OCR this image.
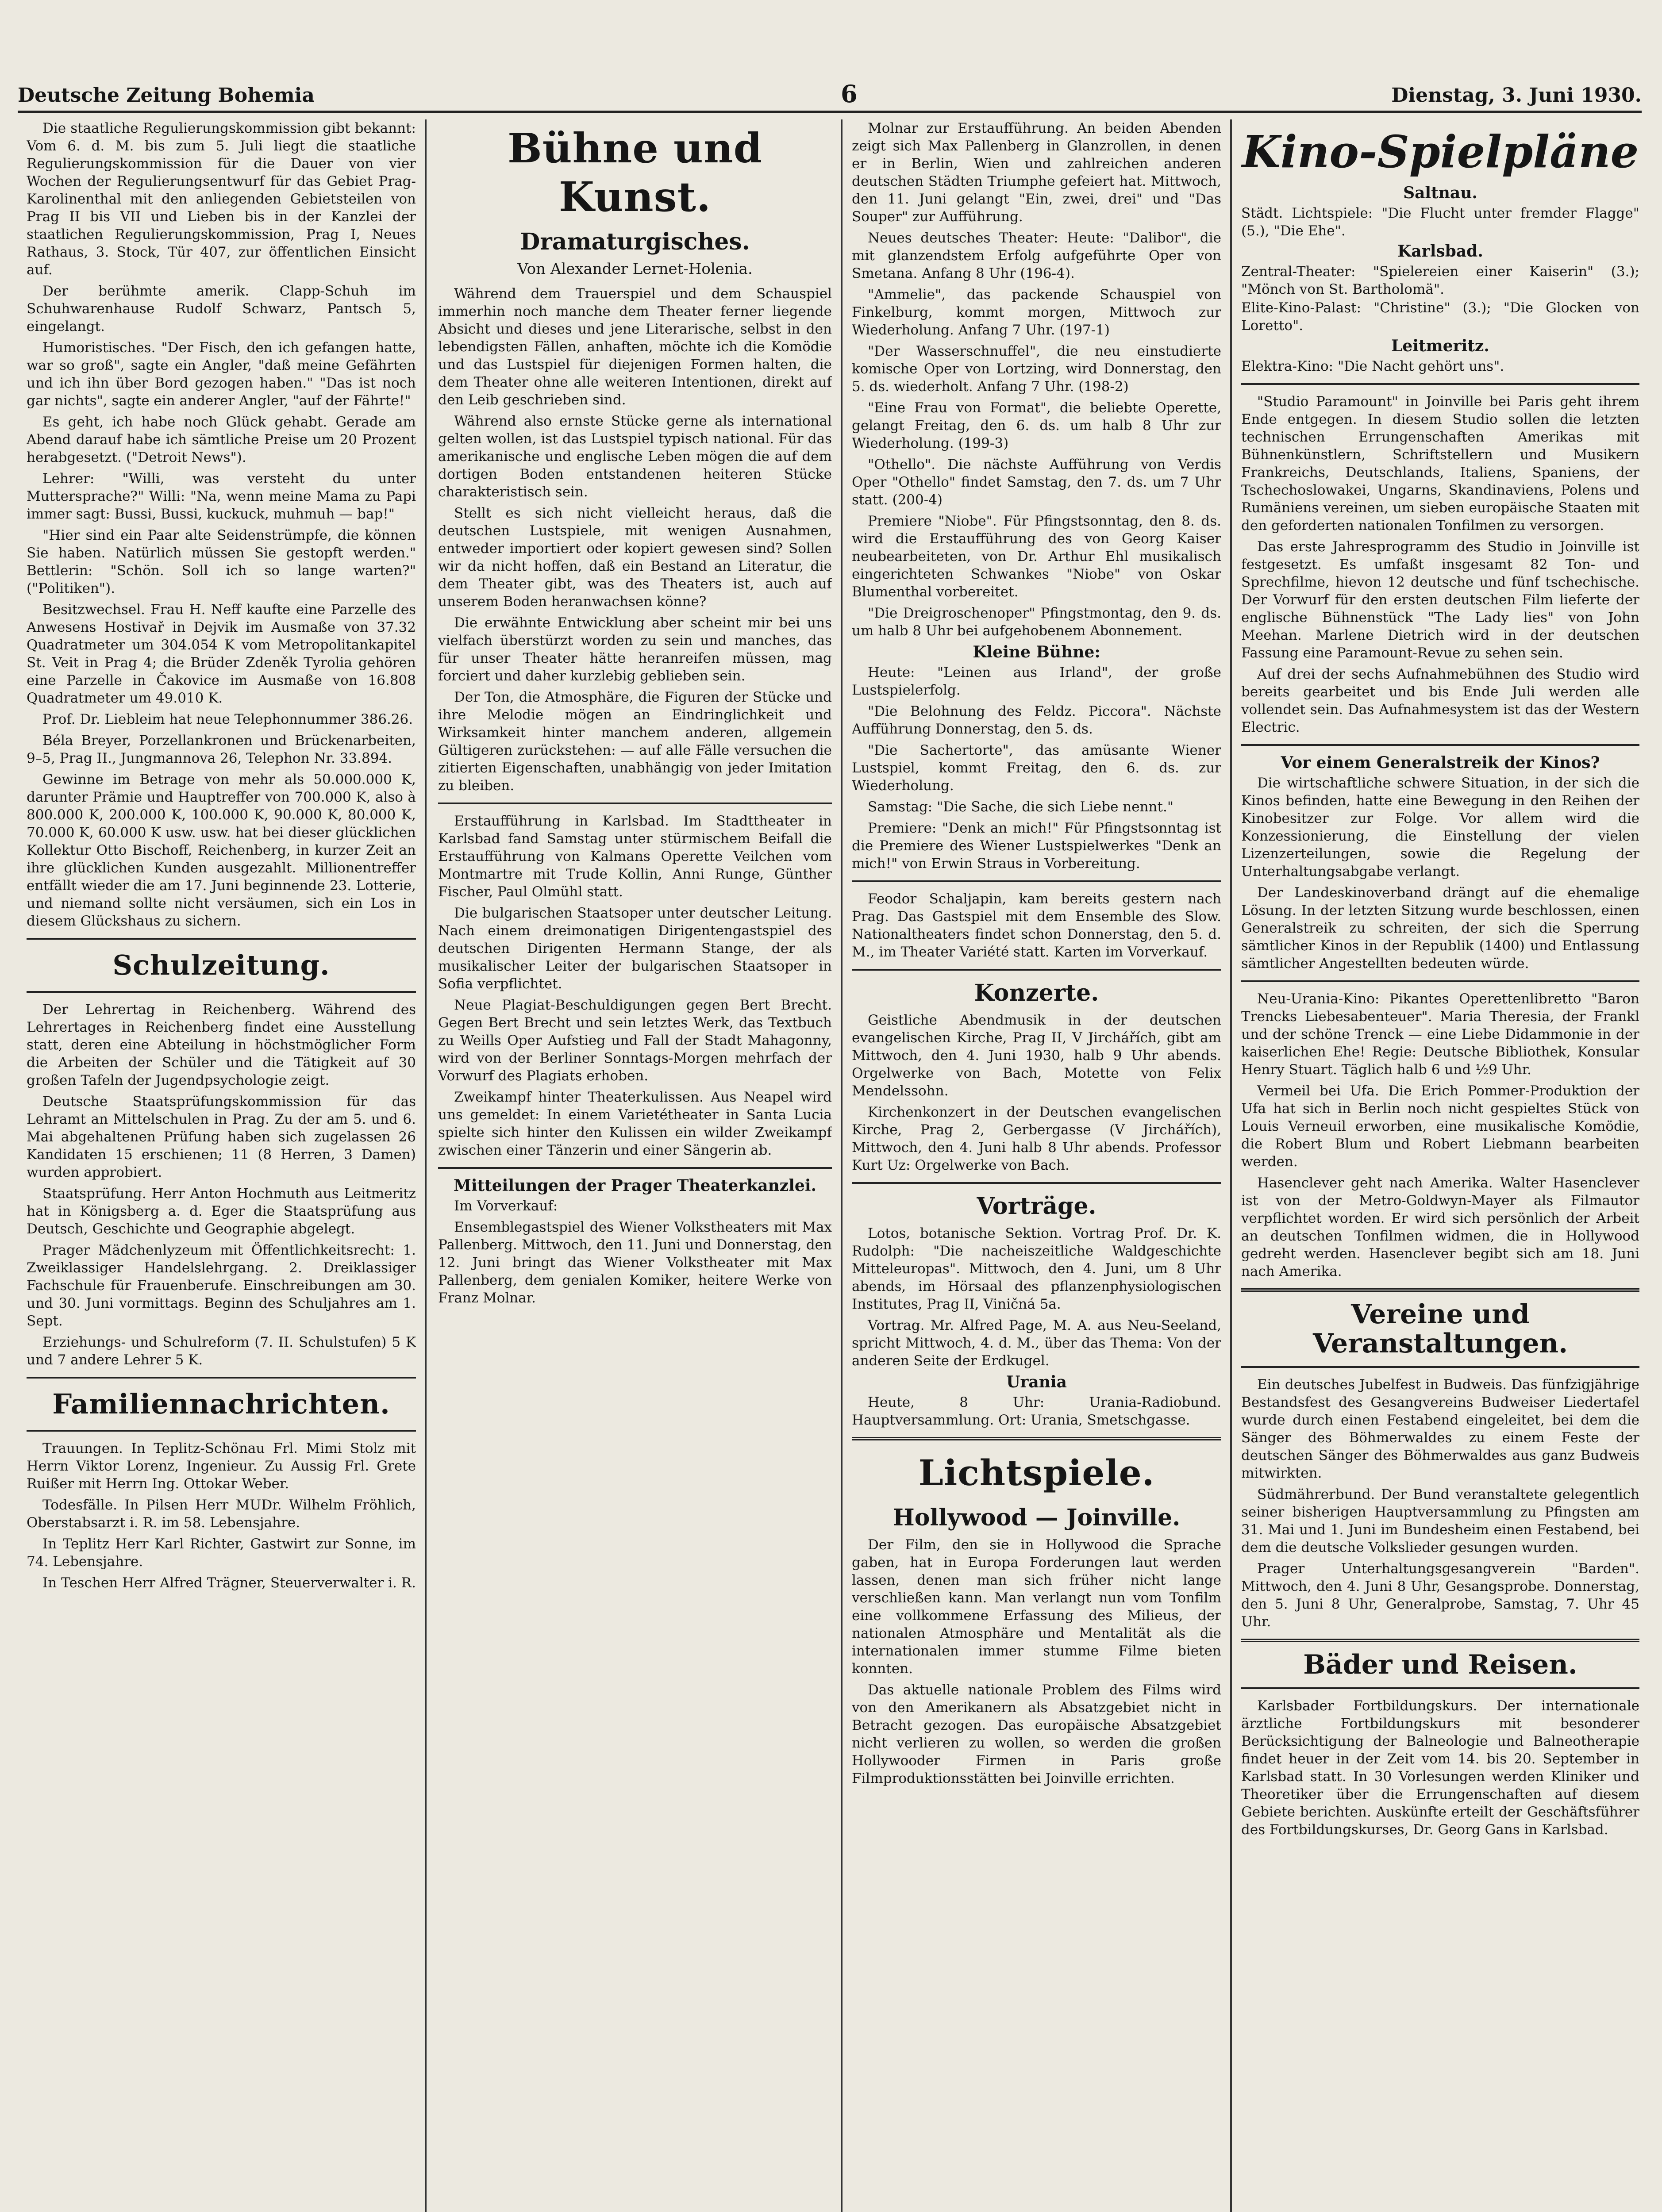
Deutsche Zeitung Bohemia	6	Dienstag, 3. Juni 1930.

Die staatliche Regulierungskommission gibt bekannt: Vom 6. d. M. bis zum 5. Juli liegt die staatliche Regulierungskommission für die Dauer von vier Wochen der Regulierungsentwurf für das Gebiet Prag-Karolinenthal mit den anliegenden Gebietsteilen von Prag II bis VII und Lieben bis in der Kanzlei der staatlichen Regulierungskommission, Prag I, Neues Rathaus, 3. Stock, Tür 407, zur öffentlichen Einsicht auf.

Der berühmte amerik. Clapp-Schuh im Schuhwarenhause Rudolf Schwarz, Pantsch 5, eingelangt.

Humoristisches. "Der Fisch, den ich gefangen hatte, war so groß", sagte ein Angler, "daß meine Gefährten und ich ihn über Bord gezogen haben." "Das ist noch gar nichts", sagte ein anderer Angler, "auf der Fährte!"

Es geht, ich habe noch Glück gehabt. Gerade am Abend darauf habe ich sämtliche Preise um 20 Prozent herabgesetzt. ("Detroit News").

Lehrer: "Willi, was versteht du unter Muttersprache?" Willi: "Na, wenn meine Mama zu Papi immer sagt: Bussi, Bussi, kuckuck, muhmuh — bap!"

"Hier sind ein Paar alte Seidenstrümpfe, die können Sie haben. Natürlich müssen Sie gestopft werden." Bettlerin: "Schön. Soll ich so lange warten?" ("Politiken").

Besitzwechsel. Frau H. Neff kaufte eine Parzelle des Anwesens Hostivař in Dejvik im Ausmaße von 37.32 Quadratmeter um 304.054 K vom Metropolitankapitel St. Veit in Prag 4; die Brüder Zdeněk Tyrolia gehören eine Parzelle in Čakovice im Ausmaße von 16.808 Quadratmeter um 49.010 K.

Prof. Dr. Liebleim hat neue Telephonnummer 386.26.

Béla Breyer, Porzellankronen und Brückenarbeiten, 9–5, Prag II., Jungmannova 26, Telephon Nr. 33.894.

Gewinne im Betrage von mehr als 50.000.000 K, darunter Prämie und Hauptreffer von 700.000 K, also à 800.000 K, 200.000 K, 100.000 K, 90.000 K, 80.000 K, 70.000 K, 60.000 K usw. usw. hat bei dieser glücklichen Kollektur Otto Bischoff, Reichenberg, in kurzer Zeit an ihre glücklichen Kunden ausgezahlt. Millionentreffer entfällt wieder die am 17. Juni beginnende 23. Lotterie, und niemand sollte nicht versäumen, sich ein Los in diesem Glückshaus zu sichern.

Schulzeitung.

Der Lehrertag in Reichenberg. Während des Lehrertages in Reichenberg findet eine Ausstellung statt, deren eine Abteilung in höchstmöglicher Form die Arbeiten der Schüler und die Tätigkeit auf 30 großen Tafeln der Jugendpsychologie zeigt.

Deutsche Staatsprüfungskommission für das Lehramt an Mittelschulen in Prag. Zu der am 5. und 6. Mai abgehaltenen Prüfung haben sich zugelassen 26 Kandidaten 15 erschienen; 11 (8 Herren, 3 Damen) wurden approbiert.

Staatsprüfung. Herr Anton Hochmuth aus Leitmeritz hat in Königsberg a. d. Eger die Staatsprüfung aus Deutsch, Geschichte und Geographie abgelegt.

Prager Mädchenlyzeum mit Öffentlichkeitsrecht: 1. Zweiklassiger Handelslehrgang. 2. Dreiklassiger Fachschule für Frauenberufe. Einschreibungen am 30. und 30. Juni vormittags. Beginn des Schuljahres am 1. Sept.

Erziehungs- und Schulreform (7. II. Schulstufen) 5 K und 7 andere Lehrer 5 K.

Familiennachrichten.

Trauungen. In Teplitz-Schönau Frl. Mimi Stolz mit Herrn Viktor Lorenz, Ingenieur. Zu Aussig Frl. Grete Ruißer mit Herrn Ing. Ottokar Weber.

Todesfälle. In Pilsen Herr MUDr. Wilhelm Fröhlich, Oberstabsarzt i. R. im 58. Lebensjahre.

In Teplitz Herr Karl Richter, Gastwirt zur Sonne, im 74. Lebensjahre.

In Teschen Herr Alfred Trägner, Steuerverwalter i. R.

Bühne und Kunst.
Dramaturgisches.
Von Alexander Lernet-Holenia.

Während dem Trauerspiel und dem Schauspiel immerhin noch manche dem Theater ferner liegende Absicht und dieses und jene Literarische, selbst in den lebendigsten Fällen, anhaften, möchte ich die Komödie und das Lustspiel für diejenigen Formen halten, die dem Theater ohne alle weiteren Intentionen, direkt auf den Leib geschrieben sind.

Während also ernste Stücke gerne als international gelten wollen, ist das Lustspiel typisch national. Für das amerikanische und englische Leben mögen die auf dem dortigen Boden entstandenen heiteren Stücke charakteristisch sein.

Stellt es sich nicht vielleicht heraus, daß die deutschen Lustspiele, mit wenigen Ausnahmen, entweder importiert oder kopiert gewesen sind? Sollen wir da nicht hoffen, daß ein Bestand an Literatur, die dem Theater gibt, was des Theaters ist, auch auf unserem Boden heranwachsen könne?

Die erwähnte Entwicklung aber scheint mir bei uns vielfach überstürzt worden zu sein und manches, das für unser Theater hätte heranreifen müssen, mag forciert und daher kurzlebig geblieben sein.

Der Ton, die Atmosphäre, die Figuren der Stücke und ihre Melodie mögen an Eindringlichkeit und Wirksamkeit hinter manchem anderen, allgemein Gültigeren zurückstehen: — auf alle Fälle versuchen die zitierten Eigenschaften, unabhängig von jeder Imitation zu bleiben.

Erstaufführung in Karlsbad. Im Stadttheater in Karlsbad fand Samstag unter stürmischem Beifall die Erstaufführung von Kalmans Operette Veilchen vom Montmartre mit Trude Kollin, Anni Runge, Günther Fischer, Paul Olmühl statt.

Die bulgarischen Staatsoper unter deutscher Leitung. Nach einem dreimonatigen Dirigentengastspiel des deutschen Dirigenten Hermann Stange, der als musikalischer Leiter der bulgarischen Staatsoper in Sofia verpflichtet.

Neue Plagiat-Beschuldigungen gegen Bert Brecht. Gegen Bert Brecht und sein letztes Werk, das Textbuch zu Weills Oper Aufstieg und Fall der Stadt Mahagonny, wird von der Berliner Sonntags-Morgen mehrfach der Vorwurf des Plagiats erhoben.

Zweikampf hinter Theaterkulissen. Aus Neapel wird uns gemeldet: In einem Varietétheater in Santa Lucia spielte sich hinter den Kulissen ein wilder Zweikampf zwischen einer Tänzerin und einer Sängerin ab.

Mitteilungen der Prager Theaterkanzlei.

Im Vorverkauf:

Ensemblegastspiel des Wiener Volkstheaters mit Max Pallenberg. Mittwoch, den 11. Juni und Donnerstag, den 12. Juni bringt das Wiener Volkstheater mit Max Pallenberg, dem genialen Komiker, heitere Werke von Franz Molnar.

Molnar zur Erstaufführung. An beiden Abenden zeigt sich Max Pallenberg in Glanzrollen, in denen er in Berlin, Wien und zahlreichen anderen deutschen Städten Triumphe gefeiert hat. Mittwoch, den 11. Juni gelangt "Ein, zwei, drei" und "Das Souper" zur Aufführung.

Neues deutsches Theater: Heute: "Dalibor", die mit glanzendstem Erfolg aufgeführte Oper von Smetana. Anfang 8 Uhr (196-4).

"Ammelie", das packende Schauspiel von Finkelburg, kommt morgen, Mittwoch zur Wiederholung. Anfang 7 Uhr. (197-1)

"Der Wasserschnuffel", die neu einstudierte komische Oper von Lortzing, wird Donnerstag, den 5. ds. wiederholt. Anfang 7 Uhr. (198-2)

"Eine Frau von Format", die beliebte Operette, gelangt Freitag, den 6. ds. um halb 8 Uhr zur Wiederholung. (199-3)

"Othello". Die nächste Aufführung von Verdis Oper "Othello" findet Samstag, den 7. ds. um 7 Uhr statt. (200-4)

Premiere "Niobe". Für Pfingstsonntag, den 8. ds. wird die Erstaufführung des von Georg Kaiser neubearbeiteten, von Dr. Arthur Ehl musikalisch eingerichteten Schwankes "Niobe" von Oskar Blumenthal vorbereitet.

"Die Dreigroschenoper" Pfingstmontag, den 9. ds. um halb 8 Uhr bei aufgehobenem Abonnement.

Kleine Bühne:

Heute: "Leinen aus Irland", der große Lustspielerfolg.

"Die Belohnung des Feldz. Piccora". Nächste Aufführung Donnerstag, den 5. ds.

"Die Sachertorte", das amüsante Wiener Lustspiel, kommt Freitag, den 6. ds. zur Wiederholung.

Samstag: "Die Sache, die sich Liebe nennt."

Premiere: "Denk an mich!" Für Pfingstsonntag ist die Premiere des Wiener Lustspielwerkes "Denk an mich!" von Erwin Straus in Vorbereitung.

Feodor Schaljapin, kam bereits gestern nach Prag. Das Gastspiel mit dem Ensemble des Slow. Nationaltheaters findet schon Donnerstag, den 5. d. M., im Theater Variété statt. Karten im Vorverkauf.

Konzerte.

Geistliche Abendmusik in der deutschen evangelischen Kirche, Prag II, V Jirchářích, gibt am Mittwoch, den 4. Juni 1930, halb 9 Uhr abends. Orgelwerke von Bach, Motette von Felix Mendelssohn.

Kirchenkonzert in der Deutschen evangelischen Kirche, Prag 2, Gerbergasse (V Jirchářích), Mittwoch, den 4. Juni halb 8 Uhr abends. Professor Kurt Uz: Orgelwerke von Bach.

Vorträge.

Lotos, botanische Sektion. Vortrag Prof. Dr. K. Rudolph: "Die nacheiszeitliche Waldgeschichte Mitteleuropas". Mittwoch, den 4. Juni, um 8 Uhr abends, im Hörsaal des pflanzenphysiologischen Institutes, Prag II, Viničná 5a.

Vortrag. Mr. Alfred Page, M. A. aus Neu-Seeland, spricht Mittwoch, 4. d. M., über das Thema: Von der anderen Seite der Erdkugel.

Urania

Heute, 8 Uhr: Urania-Radiobund. Hauptversammlung. Ort: Urania, Smetschgasse.

Lichtspiele.
Hollywood — Joinville.

Der Film, den sie in Hollywood die Sprache gaben, hat in Europa Forderungen laut werden lassen, denen man sich früher nicht lange verschließen kann. Man verlangt nun vom Tonfilm eine vollkommene Erfassung des Milieus, der nationalen Atmosphäre und Mentalität als die internationalen immer stumme Filme bieten konnten.

Das aktuelle nationale Problem des Films wird von den Amerikanern als Absatzgebiet nicht in Betracht gezogen. Das europäische Absatzgebiet nicht verlieren zu wollen, so werden die großen Hollywooder Firmen in Paris große Filmproduktionsstätten bei Joinville errichten.

Kino-Spielpläne
Saltnau.
Städt. Lichtspiele: "Die Flucht unter fremder Flagge" (5.), "Die Ehe".
Karlsbad.
Zentral-Theater: "Spielereien einer Kaiserin" (3.); "Mönch von St. Bartholomä".
Elite-Kino-Palast: "Christine" (3.); "Die Glocken von Loretto".
Leitmeritz.
Elektra-Kino: "Die Nacht gehört uns".

"Studio Paramount" in Joinville bei Paris geht ihrem Ende entgegen. In diesem Studio sollen die letzten technischen Errungenschaften Amerikas mit Bühnenkünstlern, Schriftstellern und Musikern Frankreichs, Deutschlands, Italiens, Spaniens, der Tschechoslowakei, Ungarns, Skandinaviens, Polens und Rumäniens vereinen, um sieben europäische Staaten mit den geforderten nationalen Tonfilmen zu versorgen.

Das erste Jahresprogramm des Studio in Joinville ist festgesetzt. Es umfaßt insgesamt 82 Ton- und Sprechfilme, hievon 12 deutsche und fünf tschechische. Der Vorwurf für den ersten deutschen Film lieferte der englische Bühnenstück "The Lady lies" von John Meehan. Marlene Dietrich wird in der deutschen Fassung eine Paramount-Revue zu sehen sein.

Auf drei der sechs Aufnahmebühnen des Studio wird bereits gearbeitet und bis Ende Juli werden alle vollendet sein. Das Aufnahmesystem ist das der Western Electric.

Vor einem Generalstreik der Kinos?

Die wirtschaftliche schwere Situation, in der sich die Kinos befinden, hatte eine Bewegung in den Reihen der Kinobesitzer zur Folge. Vor allem wird die Konzessionierung, die Einstellung der vielen Lizenzerteilungen, sowie die Regelung der Unterhaltungsabgabe verlangt.

Der Landeskinoverband drängt auf die ehemalige Lösung. In der letzten Sitzung wurde beschlossen, einen Generalstreik zu schreiten, der sich die Sperrung sämtlicher Kinos in der Republik (1400) und Entlassung sämtlicher Angestellten bedeuten würde.

Neu-Urania-Kino: Pikantes Operettenlibretto "Baron Trencks Liebesabenteuer". Maria Theresia, der Frankl und der schöne Trenck — eine Liebe Didammonie in der kaiserlichen Ehe! Regie: Deutsche Bibliothek, Konsular Henry Stuart. Täglich halb 6 und ½9 Uhr.

Vermeil bei Ufa. Die Erich Pommer-Produktion der Ufa hat sich in Berlin noch nicht gespieltes Stück von Louis Verneuil erworben, eine musikalische Komödie, die Robert Blum und Robert Liebmann bearbeiten werden.

Hasenclever geht nach Amerika. Walter Hasenclever ist von der Metro-Goldwyn-Mayer als Filmautor verpflichtet worden. Er wird sich persönlich der Arbeit an deutschen Tonfilmen widmen, die in Hollywood gedreht werden. Hasenclever begibt sich am 18. Juni nach Amerika.

Vereine und Veranstaltungen.

Ein deutsches Jubelfest in Budweis. Das fünfzigjährige Bestandsfest des Gesangvereins Budweiser Liedertafel wurde durch einen Festabend eingeleitet, bei dem die Sänger des Böhmerwaldes zu einem Feste der deutschen Sänger des Böhmerwaldes aus ganz Budweis mitwirkten.

Südmährerbund. Der Bund veranstaltete gelegentlich seiner bisherigen Hauptversammlung zu Pfingsten am 31. Mai und 1. Juni im Bundesheim einen Festabend, bei dem die deutsche Volkslieder gesungen wurden.

Prager Unterhaltungsgesangverein "Barden". Mittwoch, den 4. Juni 8 Uhr, Gesangsprobe. Donnerstag, den 5. Juni 8 Uhr, Generalprobe, Samstag, 7. Uhr 45 Uhr.

Bäder und Reisen.

Karlsbader Fortbildungskurs. Der internationale ärztliche Fortbildungskurs mit besonderer Berücksichtigung der Balneologie und Balneotherapie findet heuer in der Zeit vom 14. bis 20. September in Karlsbad statt. In 30 Vorlesungen werden Kliniker und Theoretiker über die Errungenschaften auf diesem Gebiete berichten. Auskünfte erteilt der Geschäftsführer des Fortbildungskurses, Dr. Georg Gans in Karlsbad.
